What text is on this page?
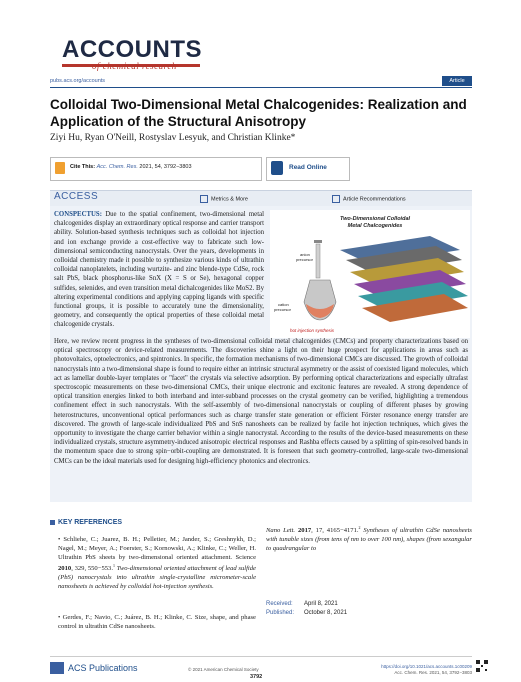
ACCOUNTS
of chemical research
pubs.acs.org/accounts	Article
Colloidal Two-Dimensional Metal Chalcogenides: Realization and Application of the Structural Anisotropy
Ziyi Hu, Ryan O'Neill, Rostyslav Lesyuk, and Christian Klinke*
Cite This: Acc. Chem. Res. 2021, 54, 3792−3803	Read Online
ACCESS	Metrics & More	Article Recommendations
CONSPECTUS: Due to the spatial confinement, two-dimensional metal chalcogenides display an extraordinary optical response and carrier transport ability. Solution-based synthesis techniques such as colloidal hot injection and ion exchange provide a cost-effective way to fabricate such low-dimensional semiconducting nanocrystals. Over the years, developments in colloidal chemistry made it possible to synthesize various kinds of ultrathin colloidal nanoplatelets, including wurtzite- and zinc blende-type CdSe, rock salt PbS, black phosphorus-like SnX (X = S or Se), hexagonal copper sulfides, selenides, and even transition metal dichalcogenides like MoS2. By altering experimental conditions and applying capping ligands with specific functional groups, it is possible to accurately tune the dimensionality, geometry, and consequently the optical properties of these colloidal metal chalcogenide crystals.
Here, we review recent progress in the syntheses of two-dimensional colloidal metal chalcogenides (CMCs) and property characterizations based on optical spectroscopy or device-related measurements. The discoveries shine a light on their huge prospect for applications in areas such as photovoltaics, optoelectronics, and spintronics. In specific, the formation mechanisms of two-dimensional CMCs are discussed. The growth of colloidal nanocrystals into a two-dimensional shape is found to require either an intrinsic structural asymmetry or the assist of coexisted ligand molecules, which act as lamellar double-layer templates or "facet" the crystals via selective adsorption. By performing optical characterizations and especially ultrafast spectroscopic measurements on these two-dimensional CMCs, their unique electronic and excitonic features are revealed. A strong dependence of optical transition energies linked to both interband and inter-subband processes on the crystal geometry can be verified, highlighting a tremendous confinement effect in such nanocrystals. With the self-assembly of two-dimensional nanocrystals or coupling of different phases by growing heterostructures, unconventional optical performances such as charge transfer state generation or efficient Förster resonance energy transfer are discovered. The growth of large-scale individualized PbS and SnS nanosheets can be realized by facile hot injection techniques, which gives the opportunity to investigate the charge carrier behavior within a single nanocrystal. According to the results of the device-based measurements on these individualized crystals, structure asymmetry-induced anisotropic electrical responses and Rashba effects caused by a splitting of spin-resolved bands in the momentum space due to strong spin−orbit-coupling are demonstrated. It is foreseen that such geometry-controlled, large-scale two-dimensional CMCs can be the ideal materials used for designing high-efficiency photonics and electronics.
Two-Dimensional Colloidal
Metal Chalcogenides
anion
precursor
cation
precursor
hot injection synthesis
KEY REFERENCES
• Schliehe, C.; Juarez, B. H.; Pelletier, M.; Jander, S.; Greshnykh, D.; Nagel, M.; Meyer, A.; Foerster, S.; Kornowski, A.; Klinke, C.; Weller, H. Ultrathin PbS sheets by two-dimensional oriented attachment. Science 2010, 329, 550−553.$^1$ Two-dimensional oriented attachment of lead sulfide (PbS) nanocrystals into ultrathin single-crystalline micrometer-scale nanosheets is achieved by colloidal hot-injection synthesis.
• Gerdes, F.; Navio, C.; Juárez, B. H.; Klinke, C. Size, shape, and phase control in ultrathin CdSe nanosheets.
Nano Lett. 2017, 17, 4165−4171.$^2$ Syntheses of ultrathin CdSe nanosheets with tunable sizes (from tens of nm to over 100 nm), shapes (from sexangular to quadrangular to
Received: April 8, 2021
Published: October 8, 2021
ACS Publications	© 2021 American Chemical Society
3792
https://doi.org/10.1021/acs.accounts.1c00209
Acc. Chem. Res. 2021, 54, 3792−3803
